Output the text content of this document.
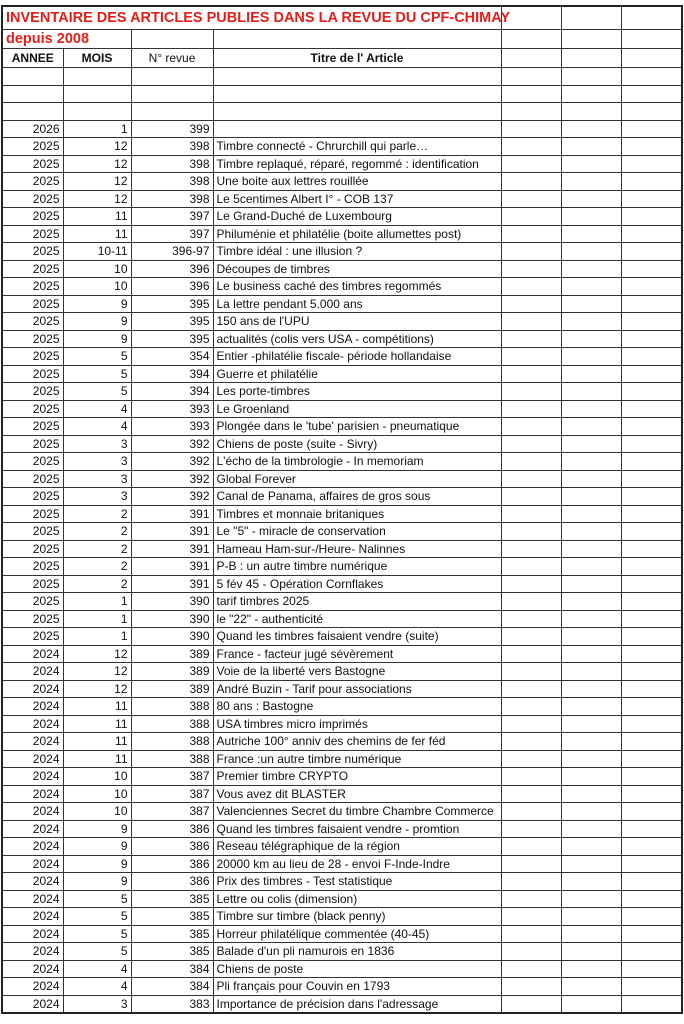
INVENTAIRE DES ARTICLES PUBLIES DANS LA REVUE DU CPF-CHIMAY						
depuis 2008						
ANNEE	MOIS	N° revue	Titre de l' Article			

2026	1	399				
2025	12	398	Timbre connecté - Chrurchill qui parle…			
2025	12	398	Timbre replaqué, réparé, regommé : identification			
2025	12	398	Une boite aux lettres rouillée			
2025	12	398	Le 5centimes Albert I° - COB 137			
2025	11	397	Le Grand-Duché de Luxembourg			
2025	11	397	Philuménie et philatélie (boite allumettes post)			
2025	10-11	396-97	Timbre idéal : une illusion ?			
2025	10	396	Découpes de timbres			
2025	10	396	Le business caché des timbres regommés			
2025	9	395	La lettre pendant 5.000 ans			
2025	9	395	150 ans de l'UPU			
2025	9	395	actualités (colis vers USA - compétitions)			
2025	5	354	Entier -philatélie fiscale- période hollandaise			
2025	5	394	Guerre et philatélie			
2025	5	394	Les porte-timbres			
2025	4	393	Le Groenland			
2025	4	393	Plongée dans le 'tube' parisien - pneumatique			
2025	3	392	Chiens de poste (suite - Sivry)			
2025	3	392	L'écho de la timbrologie - In memoriam			
2025	3	392	Global Forever			
2025	3	392	Canal de Panama, affaires de gros sous			
2025	2	391	Timbres et monnaie britaniques			
2025	2	391	Le "5" - miracle de conservation			
2025	2	391	Hameau Ham-sur-/Heure- Nalinnes			
2025	2	391	P-B : un autre timbre numérique			
2025	2	391	5 fév 45 - Opération Cornflakes			
2025	1	390	tarif timbres 2025			
2025	1	390	le "22" - authenticité			
2025	1	390	Quand les timbres faisaient vendre (suite)			
2024	12	389	France - facteur jugé sévèrement			
2024	12	389	Voie de la liberté vers Bastogne			
2024	12	389	André Buzin - Tarif pour associations			
2024	11	388	80 ans : Bastogne			
2024	11	388	USA timbres micro imprimés			
2024	11	388	Autriche 100° anniv des chemins de fer féd			
2024	11	388	France :un autre timbre numérique			
2024	10	387	Premier timbre CRYPTO			
2024	10	387	Vous avez dit BLASTER			
2024	10	387	Valenciennes Secret du timbre Chambre Commerce			
2024	9	386	Quand les timbres faisaient vendre - promtion			
2024	9	386	Reseau télégraphique de la région			
2024	9	386	20000 km au lieu de 28 - envoi F-Inde-Indre			
2024	9	386	Prix des timbres - Test statistique			
2024	5	385	Lettre ou colis (dimension)			
2024	5	385	Timbre sur timbre (black penny)			
2024	5	385	Horreur philatélique commentée (40-45)			
2024	5	385	Balade d'un pli namurois en 1836			
2024	4	384	Chiens de poste			
2024	4	384	Pli français pour Couvin en 1793			
2024	3	383	Importance de précision dans l'adressage			
